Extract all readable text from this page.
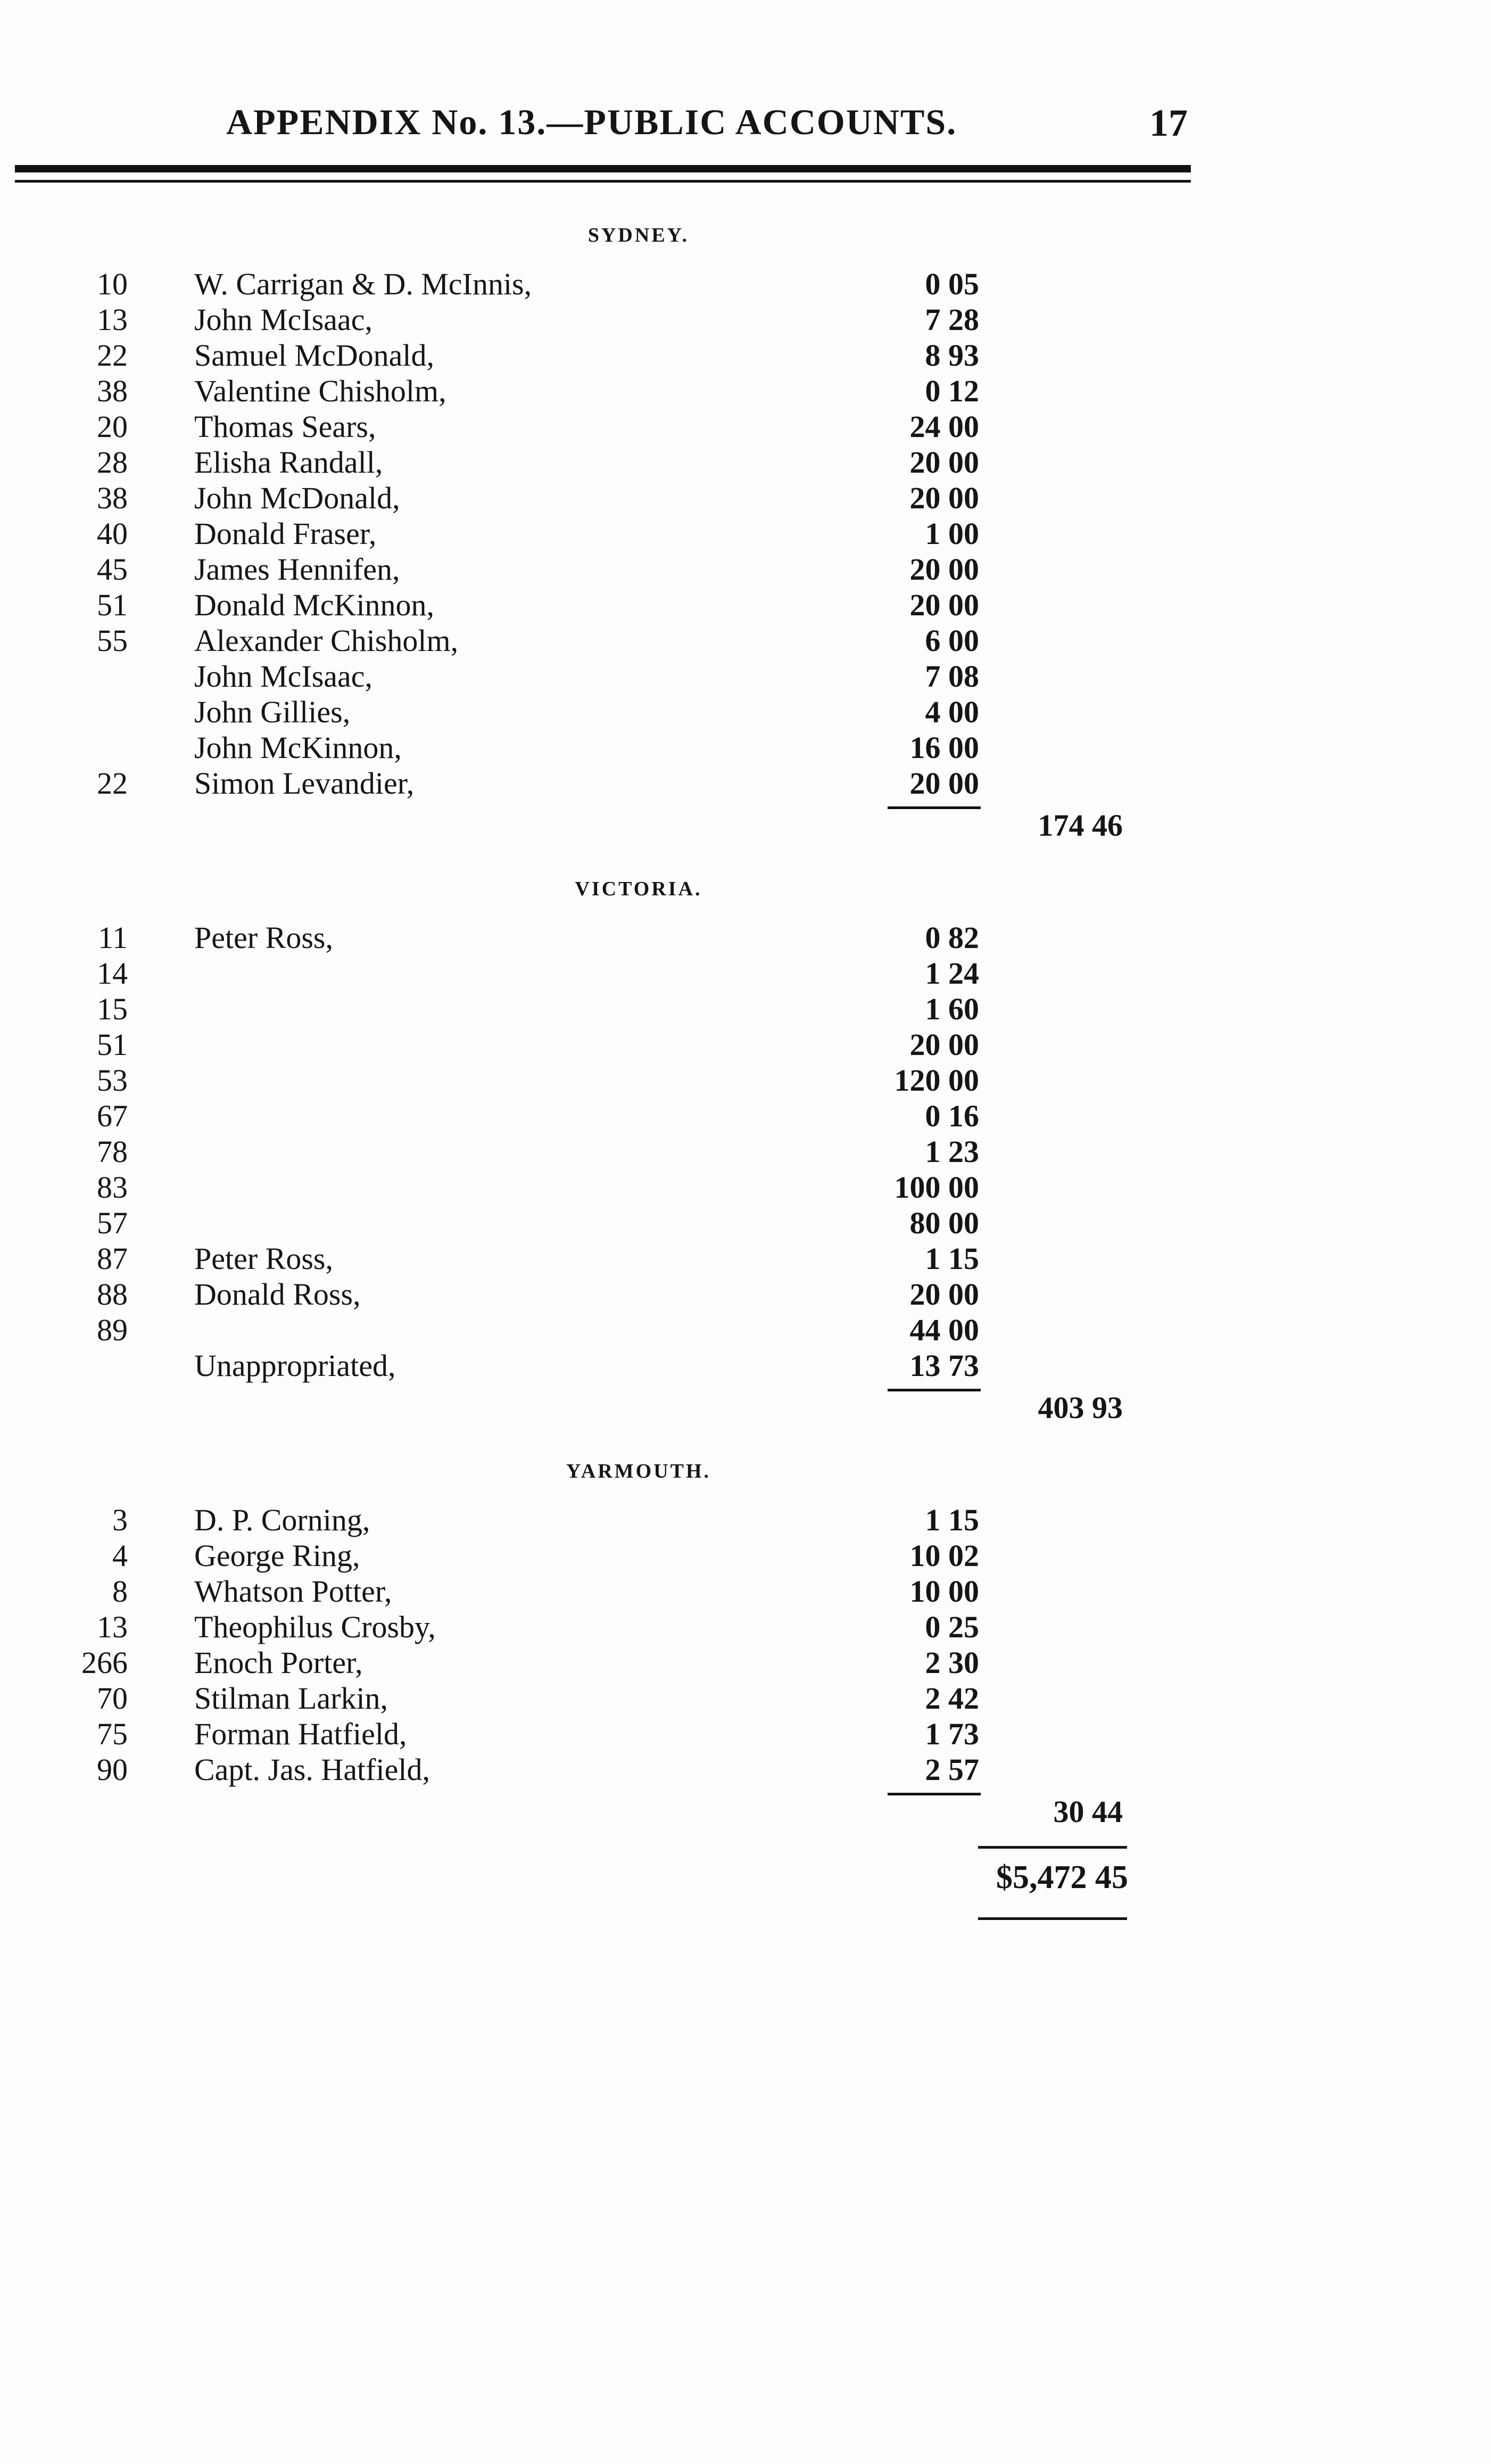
APPENDIX No. 13.—PUBLIC ACCOUNTS.	17
SYDNEY.
10 W. Carrigan & D. McInnis,	0 05
13 John McIsaac,	7 28
22 Samuel McDonald,	8 93
38 Valentine Chisholm,	0 12
20 Thomas Sears,	24 00
28 Elisha Randall,	20 00
38 John McDonald,	20 00
40 Donald Fraser,	1 00
45 James Hennifen,	20 00
51 Donald McKinnon,	20 00
55 Alexander Chisholm,	6 00
John McIsaac,	7 08
John Gillies,	4 00
John McKinnon,	16 00
22 Simon Levandier,	20 00
174 46
VICTORIA.
11 Peter Ross,	0 82
14	1 24
15	1 60
51	20 00
53	120 00
67	0 16
78	1 23
83	100 00
57	80 00
87 Peter Ross,	1 15
88 Donald Ross,	20 00
89	44 00
Unappropriated,	13 73
403 93
YARMOUTH.
3 D. P. Corning,	1 15
4 George Ring,	10 02
8 Whatson Potter,	10 00
13 Theophilus Crosby,	0 25
266 Enoch Porter,	2 30
70 Stilman Larkin,	2 42
75 Forman Hatfield,	1 73
90 Capt. Jas. Hatfield,	2 57
30 44
$5,472 45
